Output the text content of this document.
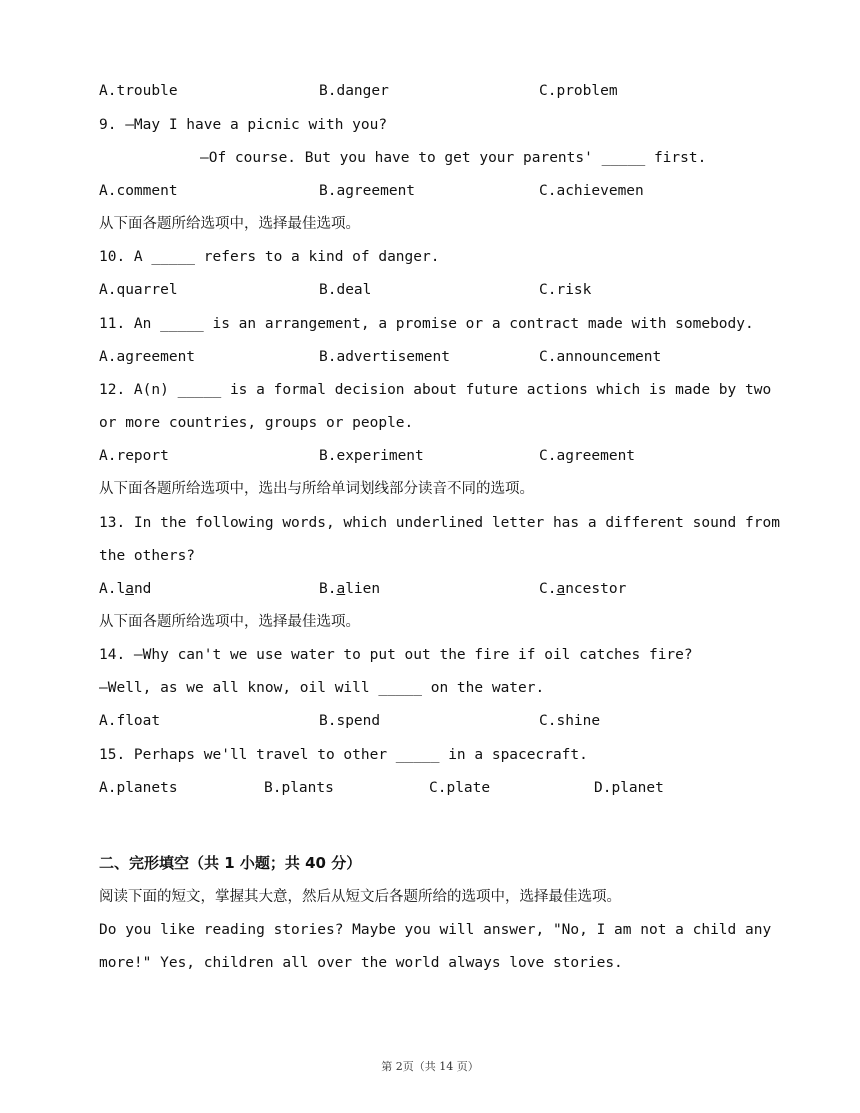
A.trouble	B.danger	C.problem
9. —May I have a picnic with you?
—Of course. But you have to get your parents' _____ first.
A.comment	B.agreement	C.achievemen
从下面各题所给选项中，选择最佳选项。
10. A _____ refers to a kind of danger.
A.quarrel	B.deal	C.risk
11. An _____ is an arrangement, a promise or a contract made with somebody.
A.agreement	B.advertisement	C.announcement
12. A(n) _____ is a formal decision about future actions which is made by two
or more countries, groups or people.
A.report	B.experiment	C.agreement
从下面各题所给选项中，选出与所给单词划线部分读音不同的选项。
13. In the following words, which underlined letter has a different sound from
the others?
A.land	B.alien	C.ancestor
从下面各题所给选项中，选择最佳选项。
14. —Why can't we use water to put out the fire if oil catches fire?
—Well, as we all know, oil will _____ on the water.
A.float	B.spend	C.shine
15. Perhaps we'll travel to other _____ in a spacecraft.
A.planets	B.plants	C.plate	D.planet
二、完形填空（共 1 小题；共 40 分）
阅读下面的短文，掌握其大意，然后从短文后各题所给的选项中，选择最佳选项。
Do you like reading stories? Maybe you will answer, "No, I am not a child any
more!" Yes, children all over the world always love stories.
第 2页（共 14 页）
